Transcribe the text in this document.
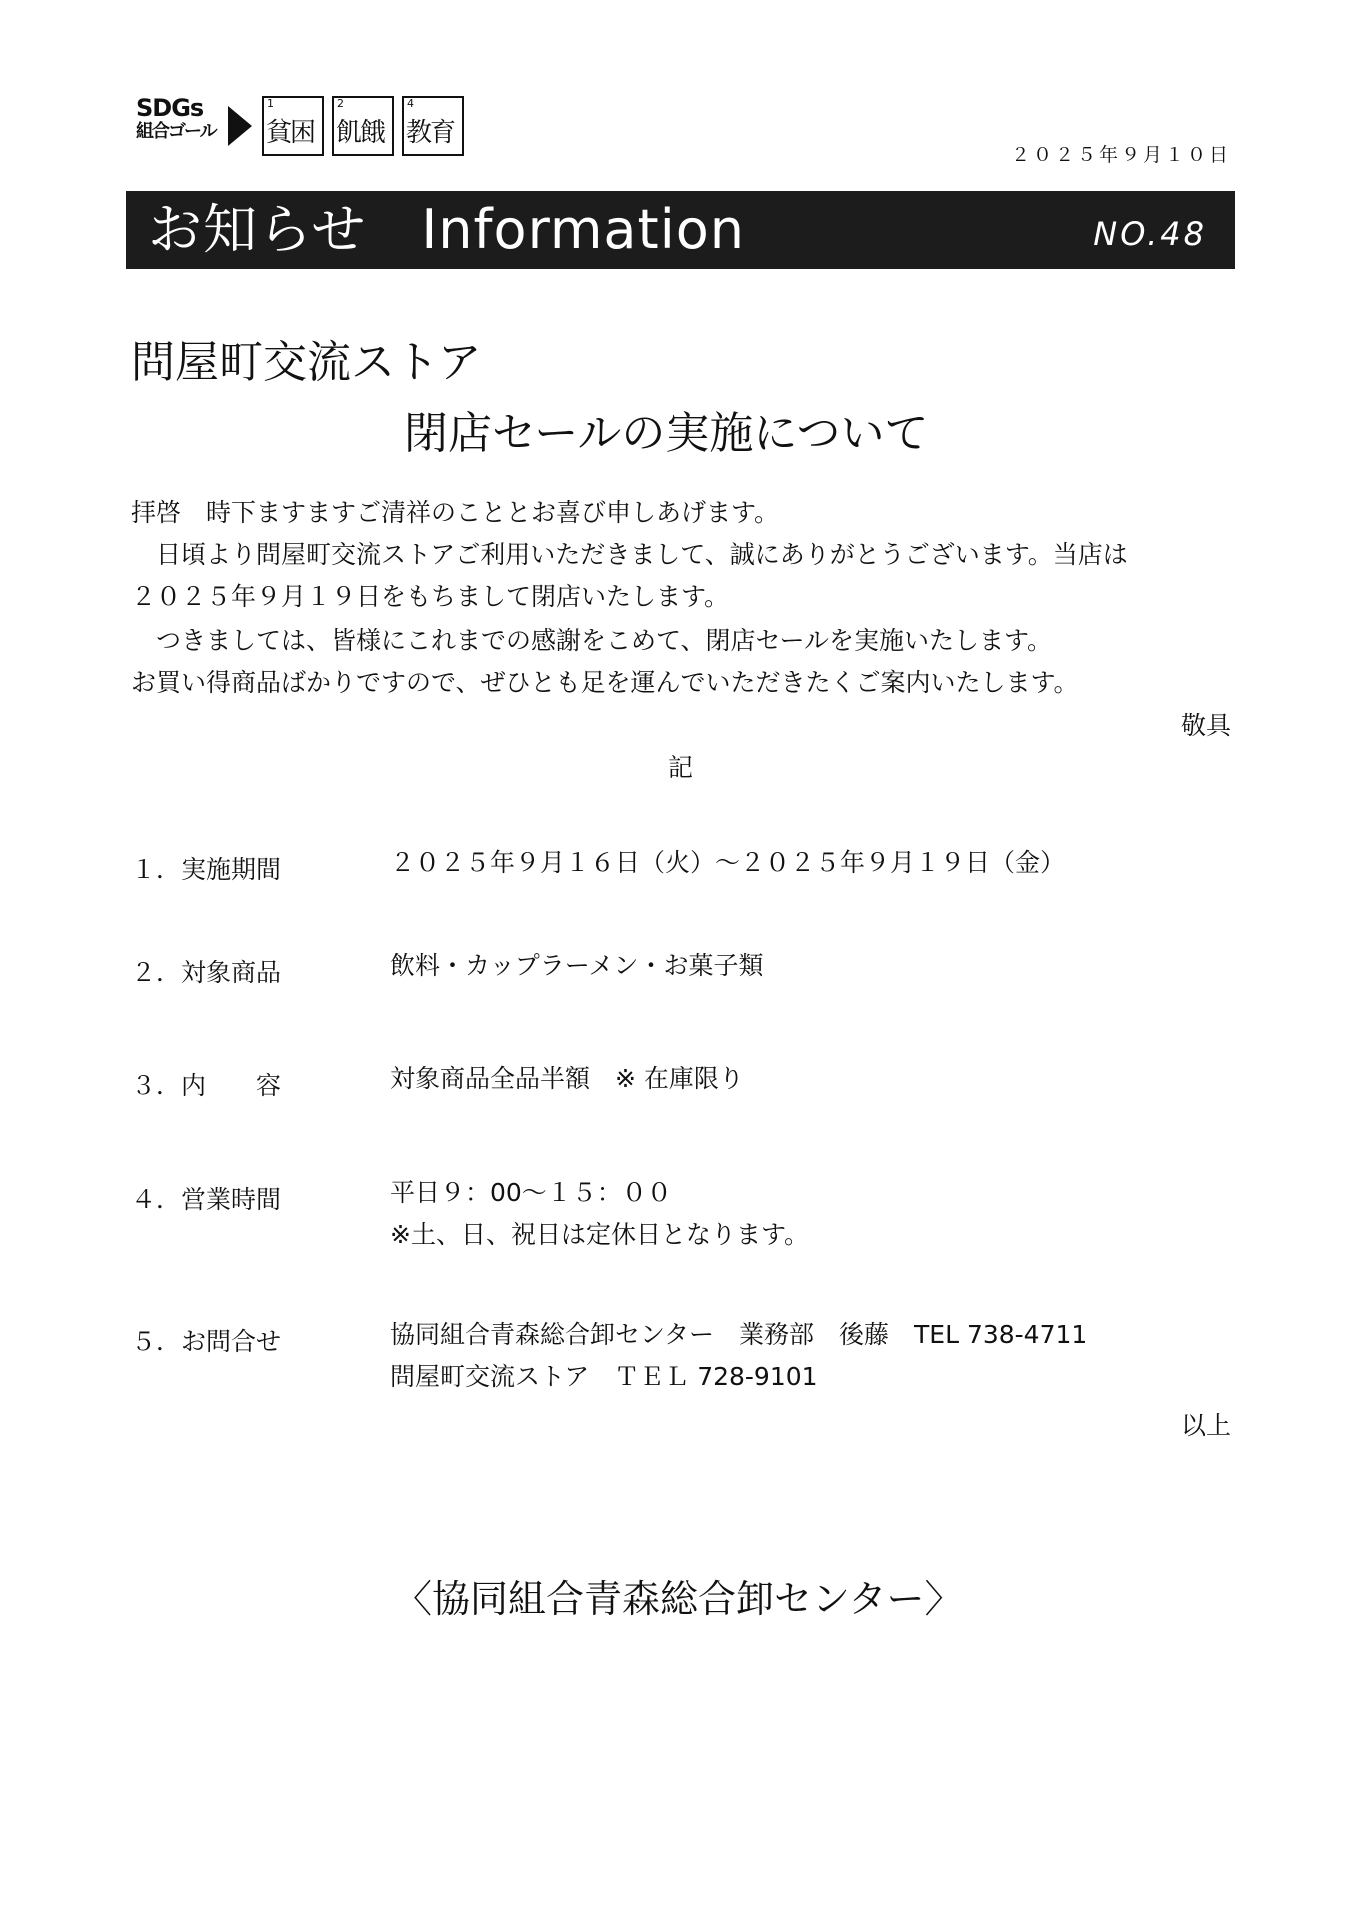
SDGs
組合ゴール
1
貧困
2
飢餓
4
教育
２０２５年９月１０日
お知らせ　Information	NO.48
問屋町交流ストア
閉店セールの実施について
拝啓　時下ますますご清祥のこととお喜び申しあげます。
　日頃より問屋町交流ストアご利用いただきまして、誠にありがとうございます。当店は
２０２５年９月１９日をもちまして閉店いたします。
　つきましては、皆様にこれまでの感謝をこめて、閉店セールを実施いたします。
お買い得商品ばかりですので、ぜひとも足を運んでいただきたくご案内いたします。
敬具
記
１．実施期間	２０２５年９月１６日（火）～２０２５年９月１９日（金）
２．対象商品	飲料・カップラーメン・お菓子類
３．内　　容	対象商品全品半額　※ 在庫限り
４．営業時間	平日９：00～１５：００
※土、日、祝日は定休日となります。
５．お問合せ	協同組合青森総合卸センター　業務部　後藤　TEL 738-4711
問屋町交流ストア　ＴＥＬ 728-9101
以上
〈協同組合青森総合卸センター〉
